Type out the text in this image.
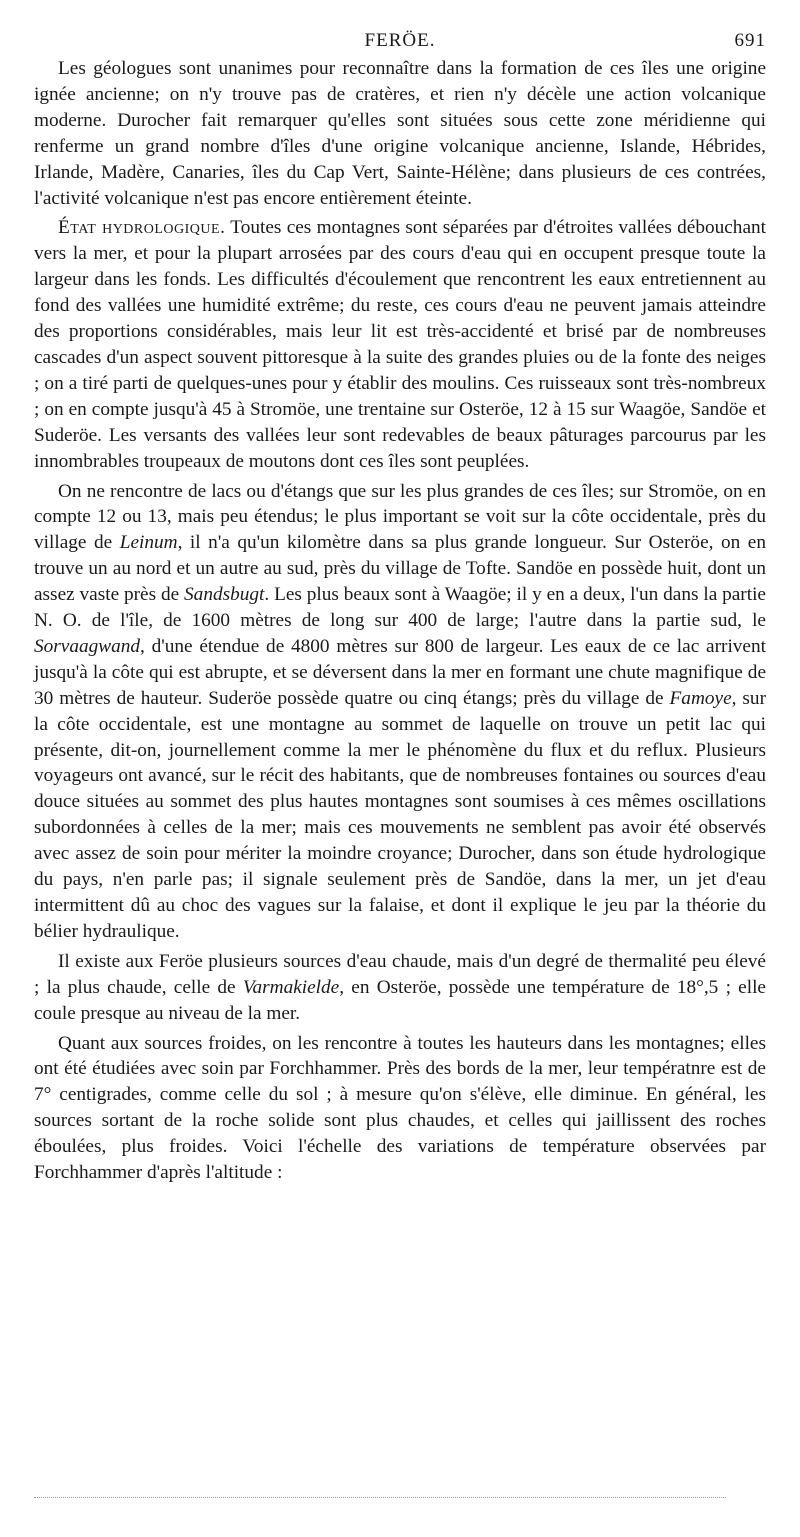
FERÖE.	691

Les géologues sont unanimes pour reconnaître dans la formation de ces îles une origine ignée ancienne; on n'y trouve pas de cratères, et rien n'y décèle une action volcanique moderne. Durocher fait remarquer qu'elles sont situées sous cette zone méridienne qui renferme un grand nombre d'îles d'une origine volcanique ancienne, Islande, Hébrides, Irlande, Madère, Canaries, îles du Cap Vert, Sainte-Hélène; dans plusieurs de ces contrées, l'activité volcanique n'est pas encore entièrement éteinte.

État hydrologique. Toutes ces montagnes sont séparées par d'étroites vallées débouchant vers la mer, et pour la plupart arrosées par des cours d'eau qui en occupent presque toute la largeur dans les fonds. Les difficultés d'écoulement que rencontrent les eaux entretiennent au fond des vallées une humidité extrême; du reste, ces cours d'eau ne peuvent jamais atteindre des proportions considérables, mais leur lit est très-accidenté et brisé par de nombreuses cascades d'un aspect souvent pittoresque à la suite des grandes pluies ou de la fonte des neiges ; on a tiré parti de quelques-unes pour y établir des moulins. Ces ruisseaux sont très-nombreux ; on en compte jusqu'à 45 à Stromöe, une trentaine sur Osteröe, 12 à 15 sur Waagöe, Sandöe et Suderöe. Les versants des vallées leur sont redevables de beaux pâturages parcourus par les innombrables troupeaux de moutons dont ces îles sont peuplées.

On ne rencontre de lacs ou d'étangs que sur les plus grandes de ces îles; sur Stromöe, on en compte 12 ou 13, mais peu étendus; le plus important se voit sur la côte occidentale, près du village de Leinum, il n'a qu'un kilomètre dans sa plus grande longueur. Sur Osteröe, on en trouve un au nord et un autre au sud, près du village de Tofte. Sandöe en possède huit, dont un assez vaste près de Sandsbugt. Les plus beaux sont à Waagöe; il y en a deux, l'un dans la partie N. O. de l'île, de 1600 mètres de long sur 400 de large; l'autre dans la partie sud, le Sorvaagwand, d'une étendue de 4800 mètres sur 800 de largeur. Les eaux de ce lac arrivent jusqu'à la côte qui est abrupte, et se déversent dans la mer en formant une chute magnifique de 30 mètres de hauteur. Suderöe possède quatre ou cinq étangs; près du village de Famoye, sur la côte occidentale, est une montagne au sommet de laquelle on trouve un petit lac qui présente, dit-on, journellement comme la mer le phénomène du flux et du reflux. Plusieurs voyageurs ont avancé, sur le récit des habitants, que de nombreuses fontaines ou sources d'eau douce situées au sommet des plus hautes montagnes sont soumises à ces mêmes oscillations subordonnées à celles de la mer; mais ces mouvements ne semblent pas avoir été observés avec assez de soin pour mériter la moindre croyance; Durocher, dans son étude hydrologique du pays, n'en parle pas; il signale seulement près de Sandöe, dans la mer, un jet d'eau intermittent dû au choc des vagues sur la falaise, et dont il explique le jeu par la théorie du bélier hydraulique.

Il existe aux Feröe plusieurs sources d'eau chaude, mais d'un degré de thermalité peu élevé ; la plus chaude, celle de Varmakielde, en Osteröe, possède une température de 18°,5 ; elle coule presque au niveau de la mer.

Quant aux sources froides, on les rencontre à toutes les hauteurs dans les montagnes; elles ont été étudiées avec soin par Forchhammer. Près des bords de la mer, leur températnre est de 7° centigrades, comme celle du sol ; à mesure qu'on s'élève, elle diminue. En général, les sources sortant de la roche solide sont plus chaudes, et celles qui jaillissent des roches éboulées, plus froides. Voici l'échelle des variations de température observées par Forchhammer d'après l'altitude :
